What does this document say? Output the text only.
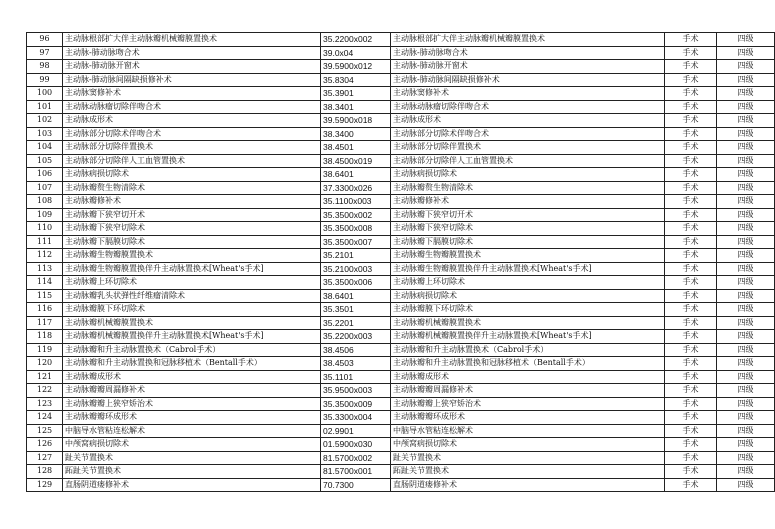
96	主动脉根部扩大伴主动脉瓣机械瓣膜置换术	35.2200x002	主动脉根部扩大伴主动脉瓣机械瓣膜置换术	手术	四级
97	主动脉-肺动脉吻合术	39.0x04	主动脉-肺动脉吻合术	手术	四级
98	主动脉-肺动脉开窗术	39.5900x012	主动脉-肺动脉开窗术	手术	四级
99	主动脉-肺动脉间隔缺损修补术	35.8304	主动脉-肺动脉间隔缺损修补术	手术	四级
100	主动脉窦修补术	35.3901	主动脉窦修补术	手术	四级
101	主动脉动脉瘤切除伴吻合术	38.3401	主动脉动脉瘤切除伴吻合术	手术	四级
102	主动脉成形术	39.5900x018	主动脉成形术	手术	四级
103	主动脉部分切除术伴吻合术	38.3400	主动脉部分切除术伴吻合术	手术	四级
104	主动脉部分切除伴置换术	38.4501	主动脉部分切除伴置换术	手术	四级
105	主动脉部分切除伴人工血管置换术	38.4500x019	主动脉部分切除伴人工血管置换术	手术	四级
106	主动脉病损切除术	38.6401	主动脉病损切除术	手术	四级
107	主动脉瓣赘生物清除术	37.3300x026	主动脉瓣赘生物清除术	手术	四级
108	主动脉瓣修补术	35.1100x003	主动脉瓣修补术	手术	四级
109	主动脉瓣下狭窄切开术	35.3500x002	主动脉瓣下狭窄切开术	手术	四级
110	主动脉瓣下狭窄切除术	35.3500x008	主动脉瓣下狭窄切除术	手术	四级
111	主动脉瓣下膈膜切除术	35.3500x007	主动脉瓣下膈膜切除术	手术	四级
112	主动脉瓣生物瓣膜置换术	35.2101	主动脉瓣生物瓣膜置换术	手术	四级
113	主动脉瓣生物瓣膜置换伴升主动脉置换术[Wheat's手术]	35.2100x003	主动脉瓣生物瓣膜置换伴升主动脉置换术[Wheat's手术]	手术	四级
114	主动脉瓣上环切除术	35.3500x006	主动脉瓣上环切除术	手术	四级
115	主动脉瓣乳头状弹性纤维瘤清除术	38.6401	主动脉病损切除术	手术	四级
116	主动脉瓣膜下环切除术	35.3501	主动脉瓣膜下环切除术	手术	四级
117	主动脉瓣机械瓣膜置换术	35.2201	主动脉瓣机械瓣膜置换术	手术	四级
118	主动脉瓣机械瓣膜置换伴升主动脉置换术[Wheat's手术]	35.2200x003	主动脉瓣机械瓣膜置换伴升主动脉置换术[Wheat's手术]	手术	四级
119	主动脉瓣和升主动脉置换术（Cabrol手术）	38.4506	主动脉瓣和升主动脉置换术（Cabrol手术）	手术	四级
120	主动脉瓣和升主动脉置换和冠脉移植术（Bentall手术）	38.4503	主动脉瓣和升主动脉置换和冠脉移植术（Bentall手术）	手术	四级
121	主动脉瓣成形术	35.1101	主动脉瓣成形术	手术	四级
122	主动脉瓣瓣周漏修补术	35.9500x003	主动脉瓣瓣周漏修补术	手术	四级
123	主动脉瓣瓣上狭窄矫治术	35.3500x009	主动脉瓣瓣上狭窄矫治术	手术	四级
124	主动脉瓣瓣环成形术	35.3300x004	主动脉瓣瓣环成形术	手术	四级
125	中脑导水管粘连松解术	02.9901	中脑导水管粘连松解术	手术	四级
126	中颅窝病损切除术	01.5900x030	中颅窝病损切除术	手术	四级
127	趾关节置换术	81.5700x002	趾关节置换术	手术	四级
128	跖趾关节置换术	81.5700x001	跖趾关节置换术	手术	四级
129	直肠阴道瘘修补术	70.7300	直肠阴道瘘修补术	手术	四级
